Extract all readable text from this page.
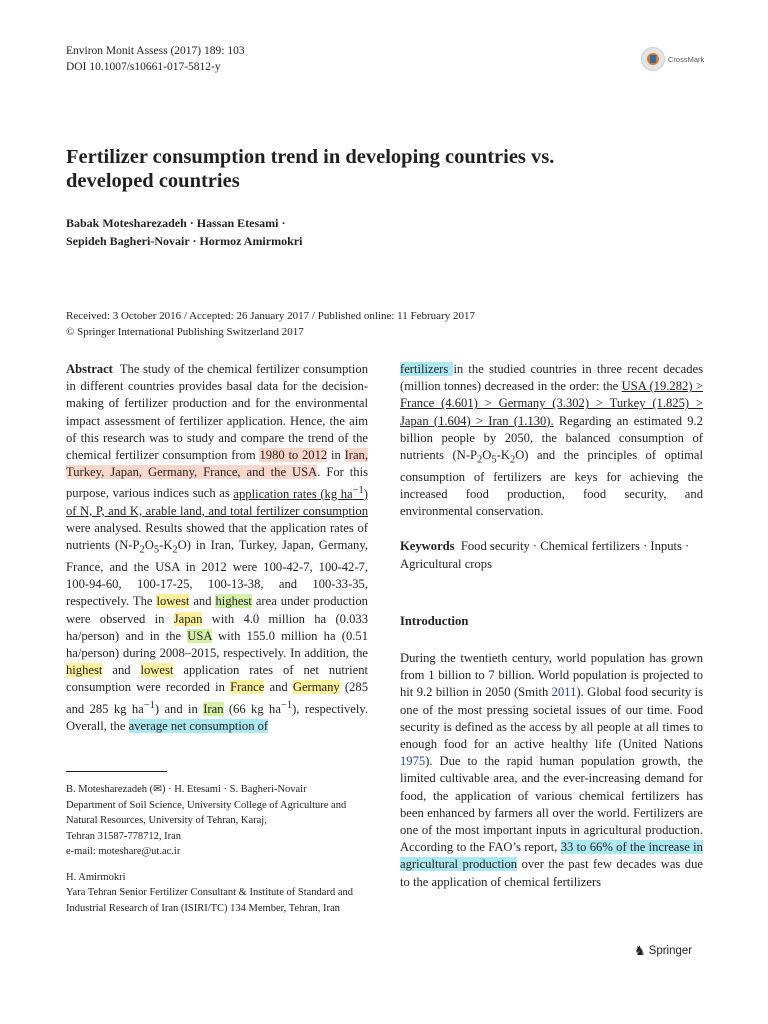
Environ Monit Assess (2017) 189: 103
DOI 10.1007/s10661-017-5812-y
CrossMark
Fertilizer consumption trend in developing countries vs.
developed countries
Babak Motesharezadeh · Hassan Etesami ·
Sepideh Bagheri-Novair · Hormoz Amirmokri
Received: 3 October 2016 / Accepted: 26 January 2017 / Published online: 11 February 2017
© Springer International Publishing Switzerland 2017

Abstract The study of the chemical fertilizer consumption in different countries provides basal data for the decision-making of fertilizer production and for the environmental impact assessment of fertilizer application. Hence, the aim of this research was to study and compare the trend of the chemical fertilizer consumption from 1980 to 2012 in Iran, Turkey, Japan, Germany, France, and the USA. For this purpose, various indices such as application rates (kg $ha^{-1}$) of N, P, and K, arable land, and total fertilizer consumption were analysed. Results showed that the application rates of nutrients $(N-P_2O_5-K_2O)$ in Iran, Turkey, Japan, Germany, France, and the USA in 2012 were 100-42-7, 100-42-7, 100-94-60, 100-17-25, 100-13-38, and 100-33-35, respectively. The lowest and highest area under production were observed in Japan with 4.0 million ha (0.033 ha/person) and in the USA with 155.0 million ha (0.51 ha/person) during 2008–2015, respectively. In addition, the highest and lowest application rates of net nutrient consumption were recorded in France and Germany (285 and 285 kg $ha^{-1}$) and in Iran (66 kg $ha^{-1}$), respectively. Overall, the average net consumption of

B. Motesharezadeh (✉) · H. Etesami · S. Bagheri-Novair

Department of Soil Science, University College of Agriculture and Natural Resources, University of Tehran, Karaj,

Tehran 31587-778712, Iran

e-mail: moteshare@ut.ac.ir

H. Amirmokri

Yara Tehran Senior Fertilizer Consultant & Institute of Standard and Industrial Research of Iran (ISIRI/TC) 134 Member, Tehran, Iran

fertilizers in the studied countries in three recent decades (million tonnes) decreased in the order: the USA (19.282) > France (4.601) > Germany (3.302) > Turkey (1.825) > Japan (1.604) > Iran (1.130). Regarding an estimated 9.2 billion people by 2050, the balanced consumption of nutrients $(N-P_2O_5-K_2O)$ and the principles of optimal consumption of fertilizers are keys for achieving the increased food production, food security, and environmental conservation.

Keywords Food security · Chemical fertilizers · Inputs · Agricultural crops

Introduction

During the twentieth century, world population has grown from 1 billion to 7 billion. World population is projected to hit 9.2 billion in 2050 (Smith 2011). Global food security is one of the most pressing societal issues of our time. Food security is defined as the access by all people at all times to enough food for an active healthy life (United Nations 1975). Due to the rapid human population growth, the limited cultivable area, and the ever-increasing demand for food, the application of various chemical fertilizers has been enhanced by farmers all over the world. Fertilizers are one of the most important inputs in agricultural production. According to the FAO’s report, 33 to 66% of the increase in agricultural production over the past few decades was due to the application of chemical fertilizers

♞ Springer
